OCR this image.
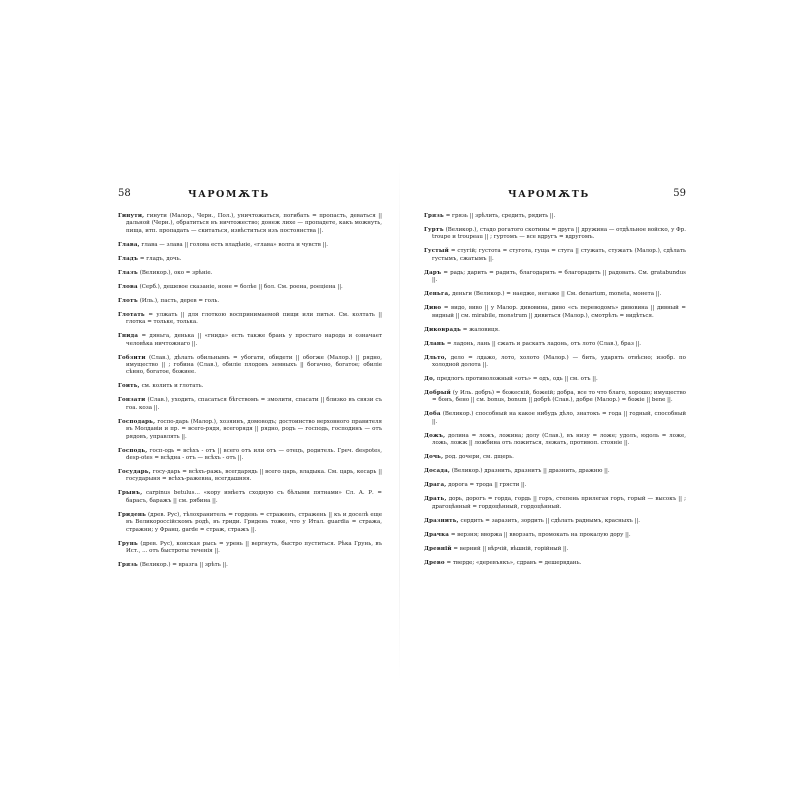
58	ЧАРОМѪТЬ

Гинути, гинути (Малор., Черн., Пол.), уничтожаться, погибать = пропасть, деваться || дальной (Черн.), обратиться въ ничтожество; донеж лихе — пропадете, какъ можнуть, пища, итп. пропадать — скитаться, извѣститься изъ постоянства ||.

Глава, глава — злава || голова есть владѣніе, «глава» волга и чувств ||.

Гладъ = гладъ, дочь.

Глазъ (Великор.), око = зрѣніе.

Глова (Серб.), дешевое сказаніе, ноне = болѣе || бол. См. роена, роеціена ||.

Глотъ (Иль.), пасть, дерев = голь.

Глотать = улжать || для глоткою воспринимаемой пищи или питья. См. колтать || глотка = тольке, толька.

Гнида = дяньга, денька || «гнида» есть также брань у простаго народа и означает человѣка ничтожнаго ||.

Гобзити (Слав.), дѣлать обильнымъ = убогати, обидети || обогже (Малор.) || рядно, имущество || ; гобина (Слав.), обиліе плодовъ земныхъ || богачно, богатое; обиліе сѣнно, богатое, божиее.

Гоить, см. колить и глотать.

Гонзати (Слав.), уходить, спасаться бѣгствомъ = змолити, спасати || близко въ связи съ гоа. коза ||.

Господарь, госпо-дарь (Малор.), хозяинъ, домоводъ; достоинство верховного правителя въ Молдавіи и пр. = всего-рядя, всегорядя || рядно, родъ — господь, господинъ — отъ рядовъ, управлять ||.

Господь, госп-одь = всѣхъ - отъ || всего отъ или отъ — отецъ, родитель. Греч. despotes, desp-otes = всѣдна - отъ — всѣхъ - отъ ||.

Государь, госу-дарь = всѣхъ-ражь, всегдарядь || всего царь, владыка. См. царь, кесарь || государыня = всѣхъ-ражевна, всегдашняя.

Грывъ, carpinus betulus… «кору имѣетъ сходную съ бѣлыми пятнами» Сл. А. Р. = барасъ, баражъ || см. рябина ||.

Гридень (древ. Рус), тѣлохранитель = гордень = страженъ, стражень || къ и доселѣ еще въ Великороссійскомъ родѣ, въ гриди. Гридень тоже, что у Итал. guardia = стража, стражни; у Франц. garde = страж, стражъ ||.

Грунь (древ. Рус), конская рысь = урень || вергнуть, быстро пуститься. Рѣка Грунь, въ Ист., ... отъ быстроты теченія ||.

Грязь (Великор.) = вразга || зрѣть ||.

ЧАРОМѪТЬ	59

Грязь = грязь || зрѣлить, средить, рядить ||.

Гуртъ (Великор.), стадо рогатого скотины = друга || дружина — отдѣльное войско, у Фр. troupe и troupeau || ; гуртомъ — все вдругъ = вдругомъ.

Густый = стугій; густота = стугота, гуща = стуга || стужать, стужатъ (Малор.), сдѣлать густымъ, сжатымъ ||.

Даръ = радь; дарить = радить, благодарить = благорадить || радовать. См. gratabundus ||.

Деньга, деньги (Великор.) = наедже, негаже || См. denarium, monetа, монета ||.

Диво = видо, виво || у Малор. дивовина, диво «съ переводомъ» дивовина || дивный = видный || см. mirabile, monstrum || дивиться (Малор.), смотрѣть = видѣться.

Диковрадь = жаловиця.

Длань = ладонь, лань || сжать и раскатъ ладонь, отъ лото (Слав.), браз ||.

Дльто, дело = лдажо, лото, холото (Малор.) — бить, ударять отвѣсно; изобр. по холодной долота ||.

До, предлогъ противоложный «отъ» = одъ, одь || см. отъ ||.

Добрый (у Иль. добръ) = божескій, божеій; добра, все то что благо, хорошо; имущество = бонъ, бено || см. bonus, bonum || добрѣ (Слав.), добре (Малор.) = божіе || bene ||.

Доба (Великор.) способный на какое нибудь дѣло, знатокъ = года || годный, способный ||.

Дожъ, долина = ложъ, ложина; долу (Слав.), въ низу = ложе; удолъ, юдоль = ложе, ложь, ложж || ложбина отъ ложиться, лежать, противоп. стояніе ||.

Дочь, род. дочери, см. дщерь.

Досада, (Великор.) дразнить, дразнитъ || дразнить, дражню ||.

Драга, дорога = трода || грясти ||.

Драть, дорь, дорогъ = горда, гордь || горъ, степень прилегая горъ, горый — высокъ || ; драгоцѣнный = гордоцѣнный, гордоцѣнный.

Дразнить, сердить = заразить, зордить || сдѣлать раднымъ, красныхъ ||.

Драчка = верзня; вворжа || вворзать, промокать на прокалую дору ||.

Древній = верний || вѣрчій, вѣшній, горійный ||.

Древо = тверде; «деревъякъ», сдравъ = дешервдань.
